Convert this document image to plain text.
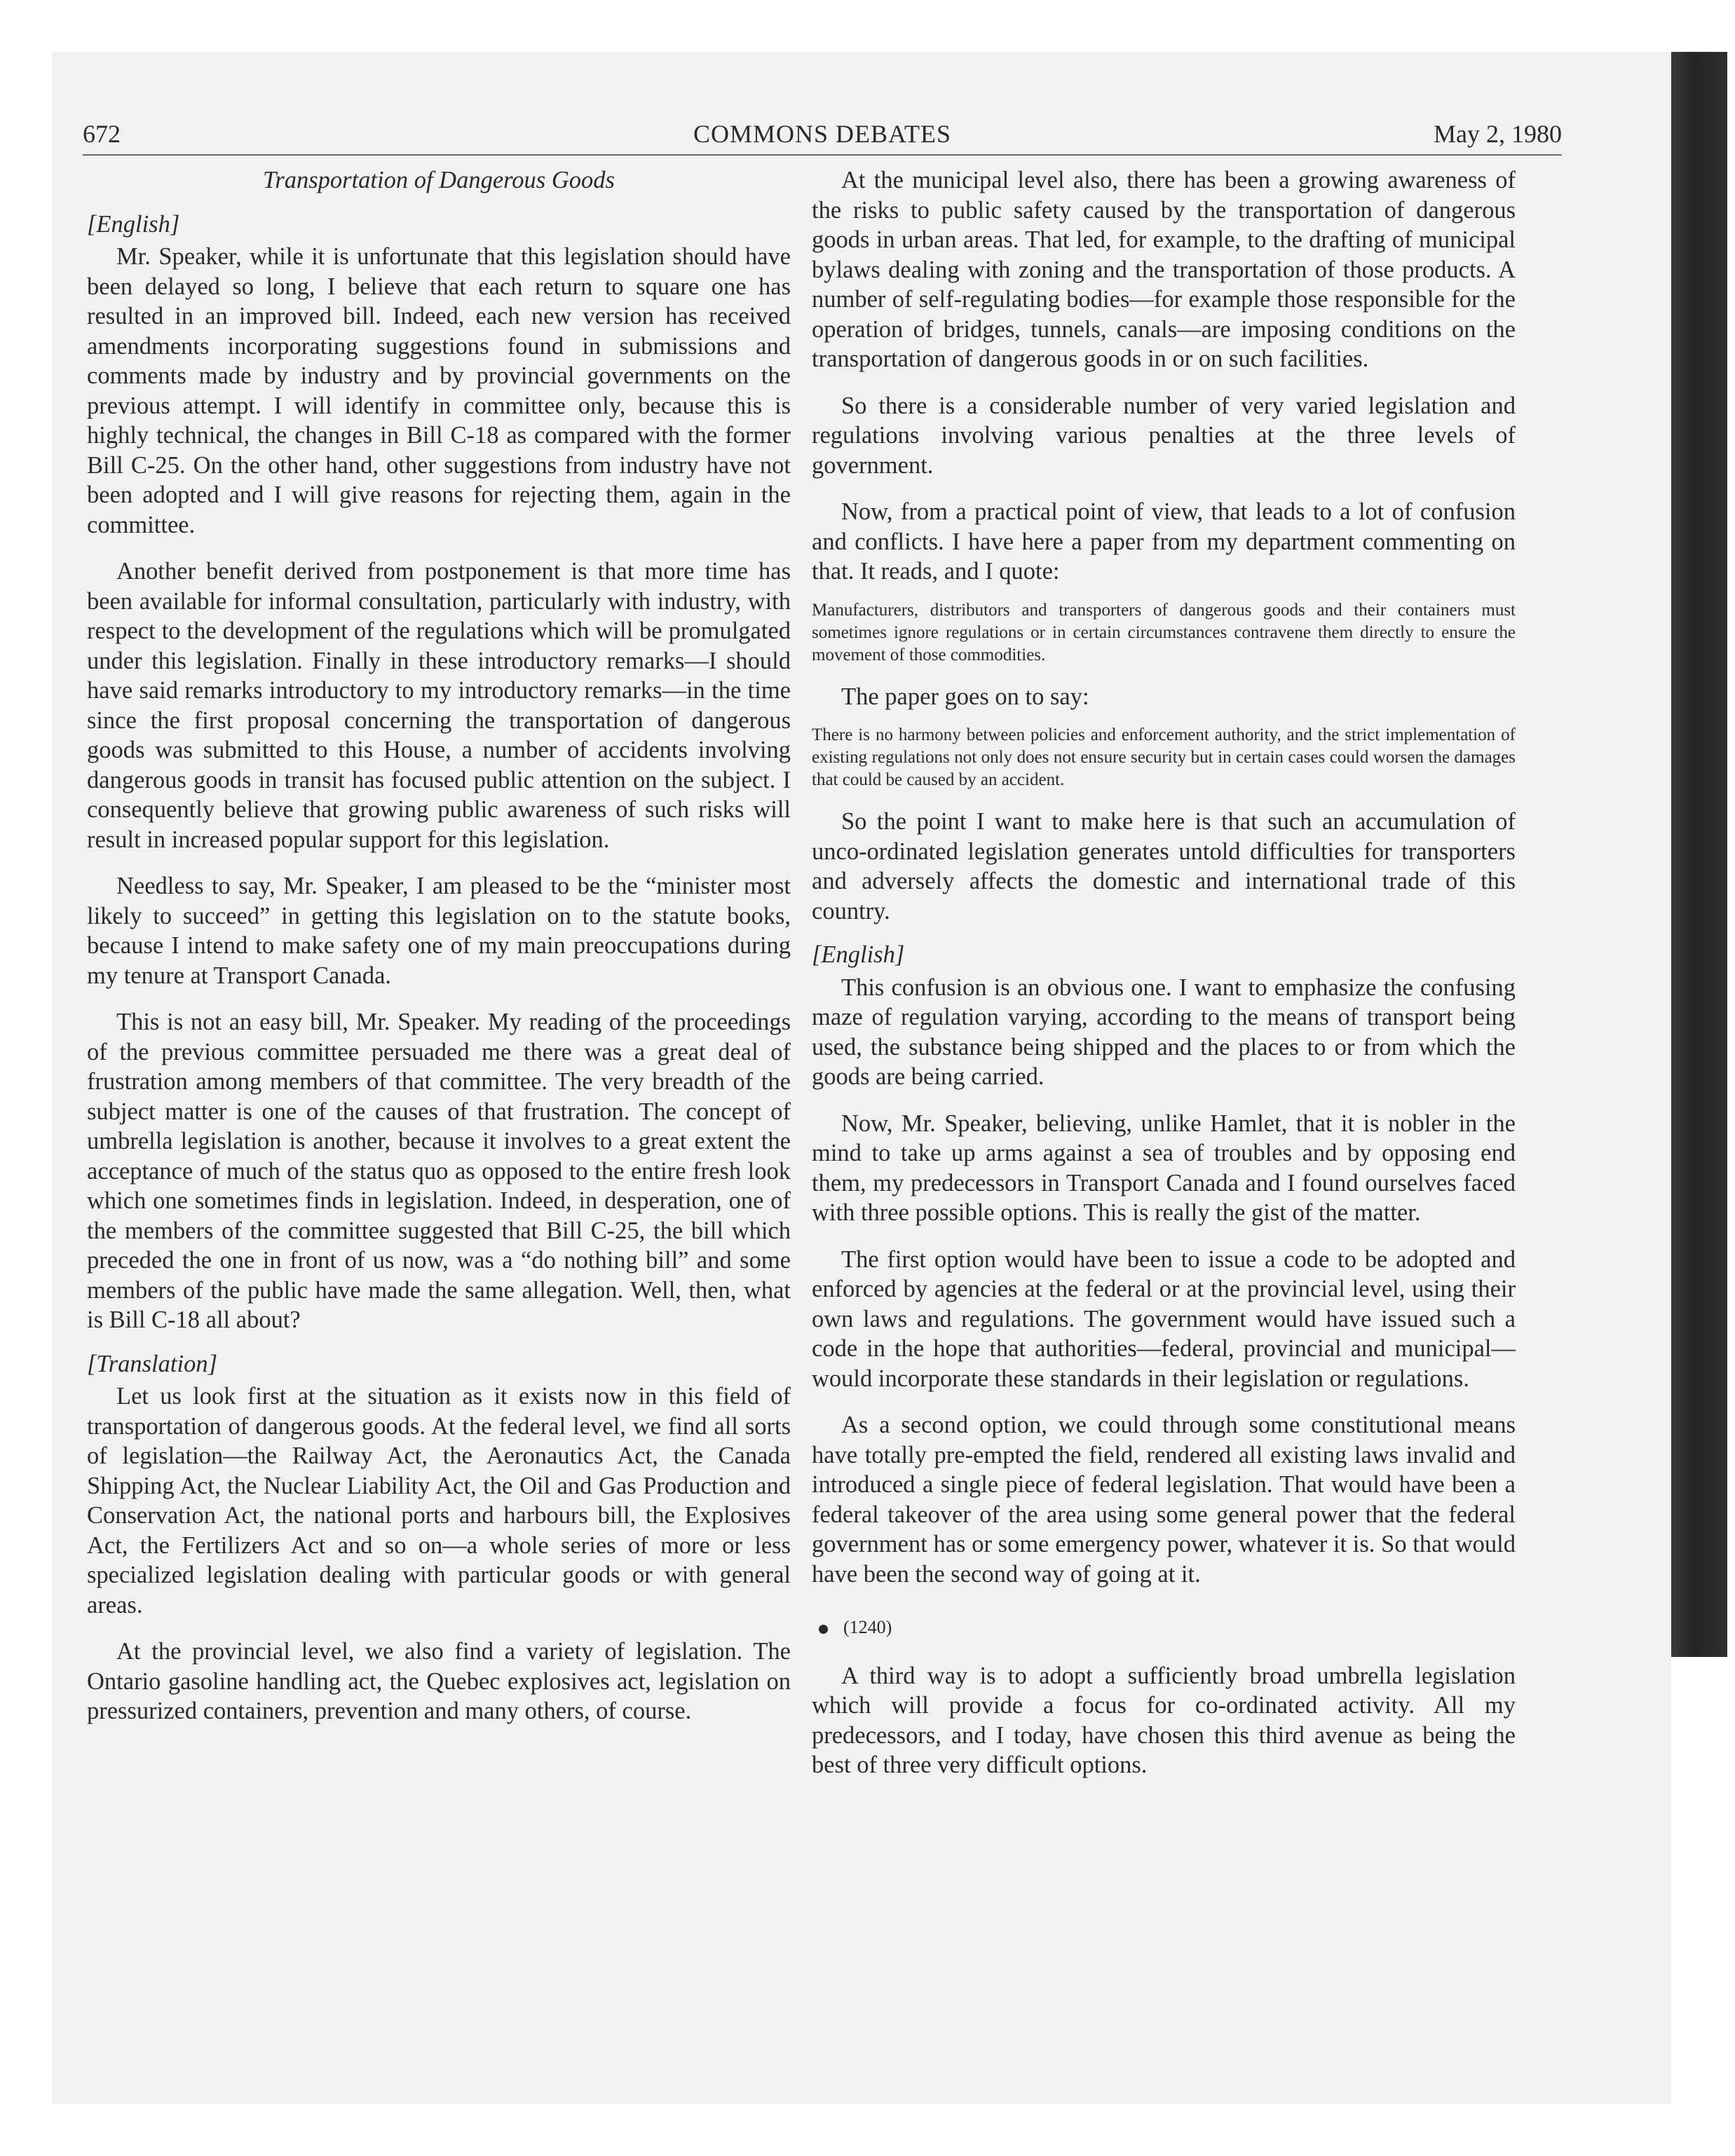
672	COMMONS DEBATES	May 2, 1980

Transportation of Dangerous Goods

[English]

Mr. Speaker, while it is unfortunate that this legislation should have been delayed so long, I believe that each return to square one has resulted in an improved bill. Indeed, each new version has received amendments incorporating suggestions found in submissions and comments made by industry and by provincial governments on the previous attempt. I will identify in committee only, because this is highly technical, the changes in Bill C-18 as compared with the former Bill C-25. On the other hand, other suggestions from industry have not been adopted and I will give reasons for rejecting them, again in the committee.

Another benefit derived from postponement is that more time has been available for informal consultation, particularly with industry, with respect to the development of the regulations which will be promulgated under this legislation. Finally in these introductory remarks—I should have said remarks introductory to my introductory remarks—in the time since the first proposal concerning the transportation of dangerous goods was submitted to this House, a number of accidents involving dangerous goods in transit has focused public attention on the subject. I consequently believe that growing public awareness of such risks will result in increased popular support for this legislation.

Needless to say, Mr. Speaker, I am pleased to be the “minister most likely to succeed” in getting this legislation on to the statute books, because I intend to make safety one of my main preoccupations during my tenure at Transport Canada.

This is not an easy bill, Mr. Speaker. My reading of the proceedings of the previous committee persuaded me there was a great deal of frustration among members of that committee. The very breadth of the subject matter is one of the causes of that frustration. The concept of umbrella legislation is another, because it involves to a great extent the acceptance of much of the status quo as opposed to the entire fresh look which one sometimes finds in legislation. Indeed, in desperation, one of the members of the committee suggested that Bill C-25, the bill which preceded the one in front of us now, was a “do nothing bill” and some members of the public have made the same allegation. Well, then, what is Bill C-18 all about?

[Translation]

Let us look first at the situation as it exists now in this field of transportation of dangerous goods. At the federal level, we find all sorts of legislation—the Railway Act, the Aeronautics Act, the Canada Shipping Act, the Nuclear Liability Act, the Oil and Gas Production and Conservation Act, the national ports and harbours bill, the Explosives Act, the Fertilizers Act and so on—a whole series of more or less specialized legislation dealing with particular goods or with general areas.

At the provincial level, we also find a variety of legislation. The Ontario gasoline handling act, the Quebec explosives act, legislation on pressurized containers, prevention and many others, of course.

At the municipal level also, there has been a growing awareness of the risks to public safety caused by the transportation of dangerous goods in urban areas. That led, for example, to the drafting of municipal bylaws dealing with zoning and the transportation of those products. A number of self-regulating bodies—for example those responsible for the operation of bridges, tunnels, canals—are imposing conditions on the transportation of dangerous goods in or on such facilities.

So there is a considerable number of very varied legislation and regulations involving various penalties at the three levels of government.

Now, from a practical point of view, that leads to a lot of confusion and conflicts. I have here a paper from my department commenting on that. It reads, and I quote:

Manufacturers, distributors and transporters of dangerous goods and their containers must sometimes ignore regulations or in certain circumstances contravene them directly to ensure the movement of those commodities.

The paper goes on to say:

There is no harmony between policies and enforcement authority, and the strict implementation of existing regulations not only does not ensure security but in certain cases could worsen the damages that could be caused by an accident.

So the point I want to make here is that such an accumulation of unco-ordinated legislation generates untold difficulties for transporters and adversely affects the domestic and international trade of this country.

[English]

This confusion is an obvious one. I want to emphasize the confusing maze of regulation varying, according to the means of transport being used, the substance being shipped and the places to or from which the goods are being carried.

Now, Mr. Speaker, believing, unlike Hamlet, that it is nobler in the mind to take up arms against a sea of troubles and by opposing end them, my predecessors in Transport Canada and I found ourselves faced with three possible options. This is really the gist of the matter.

The first option would have been to issue a code to be adopted and enforced by agencies at the federal or at the provincial level, using their own laws and regulations. The government would have issued such a code in the hope that authorities—federal, provincial and municipal—would incorporate these standards in their legislation or regulations.

As a second option, we could through some constitutional means have totally pre-empted the field, rendered all existing laws invalid and introduced a single piece of federal legislation. That would have been a federal takeover of the area using some general power that the federal government has or some emergency power, whatever it is. So that would have been the second way of going at it.

(1240)

A third way is to adopt a sufficiently broad umbrella legislation which will provide a focus for co-ordinated activity. All my predecessors, and I today, have chosen this third avenue as being the best of three very difficult options.
